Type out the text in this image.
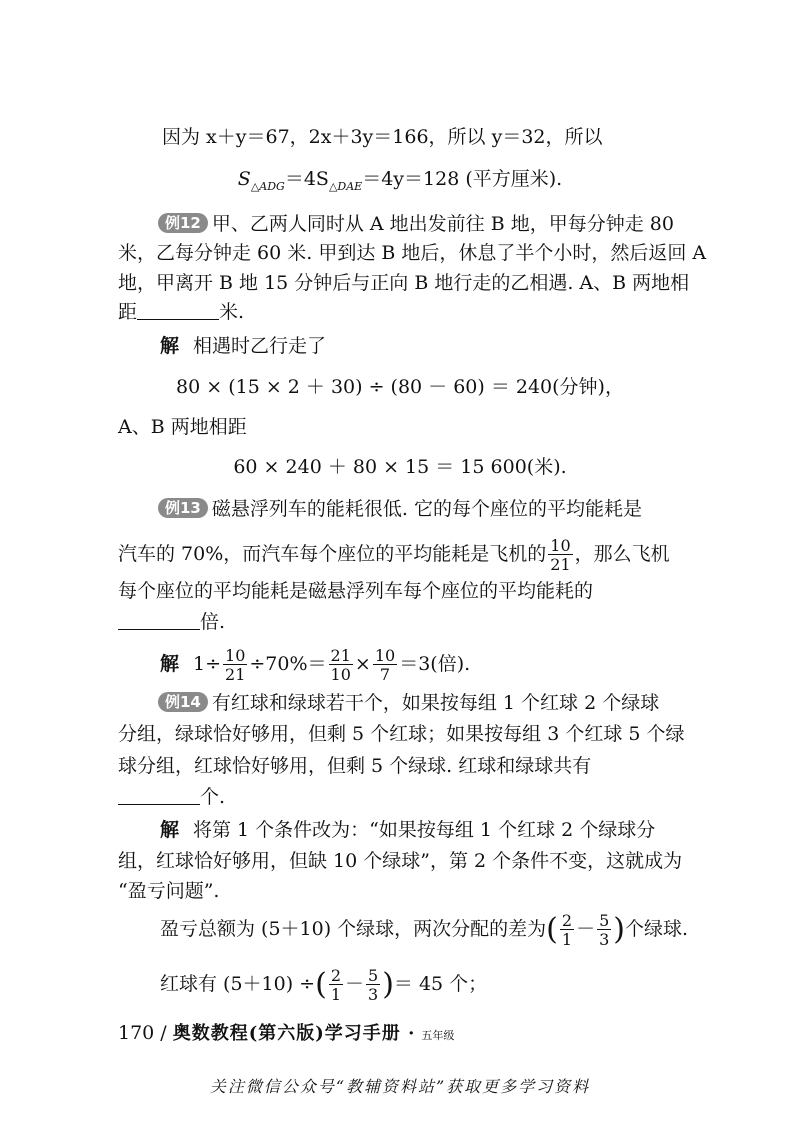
因为 x＋y＝67，2x＋3y＝166，所以 y＝32，所以
$S_{\triangle ADG}=4S_{\triangle DAE}=4y=128$ (平方厘米).
例12 甲、乙两人同时从 A 地出发前往 B 地，甲每分钟走 80
米，乙每分钟走 60 米. 甲到达 B 地后，休息了半个小时，然后返回 A
地，甲离开 B 地 15 分钟后与正向 B 地行走的乙相遇. A、B 两地相
距	米.
解 相遇时乙行走了
80 × (15 × 2 ＋ 30) ÷ (80 － 60) ＝ 240(分钟)，
A、B 两地相距
60 × 240 ＋ 80 × 15 ＝ 15 600(米).
例13 磁悬浮列车的能耗很低. 它的每个座位的平均能耗是
汽车的 70%，而汽车每个座位的平均能耗是飞机的 $\frac{10}{21}$ ，那么飞机
每个座位的平均能耗是磁悬浮列车每个座位的平均能耗的
倍.
解 $1\div \frac{10}{21} \div 70\%= \frac{21}{10} \times \frac{10}{7} =3$(倍).
例14 有红球和绿球若干个，如果按每组 1 个红球 2 个绿球
分组，绿球恰好够用，但剩 5 个红球；如果按每组 3 个红球 5 个绿
球分组，红球恰好够用，但剩 5 个绿球. 红球和绿球共有
个.
解 将第 1 个条件改为：“如果按每组 1 个红球 2 个绿球分
组，红球恰好够用，但缺 10 个绿球”，第 2 个条件不变，这就成为
“盈亏问题”.
盈亏总额为 (5＋10) 个绿球，两次分配的差为( $\frac{2}{1} - \frac{5}{3}$ )个绿球.
红球有 (5＋10) ÷( $\frac{2}{1} - \frac{5}{3}$ )＝ 45 个；
170 / 奥数教程(第六版)学习手册 · 五年级
关注微信公众号“教辅资料站”获取更多学习资料
